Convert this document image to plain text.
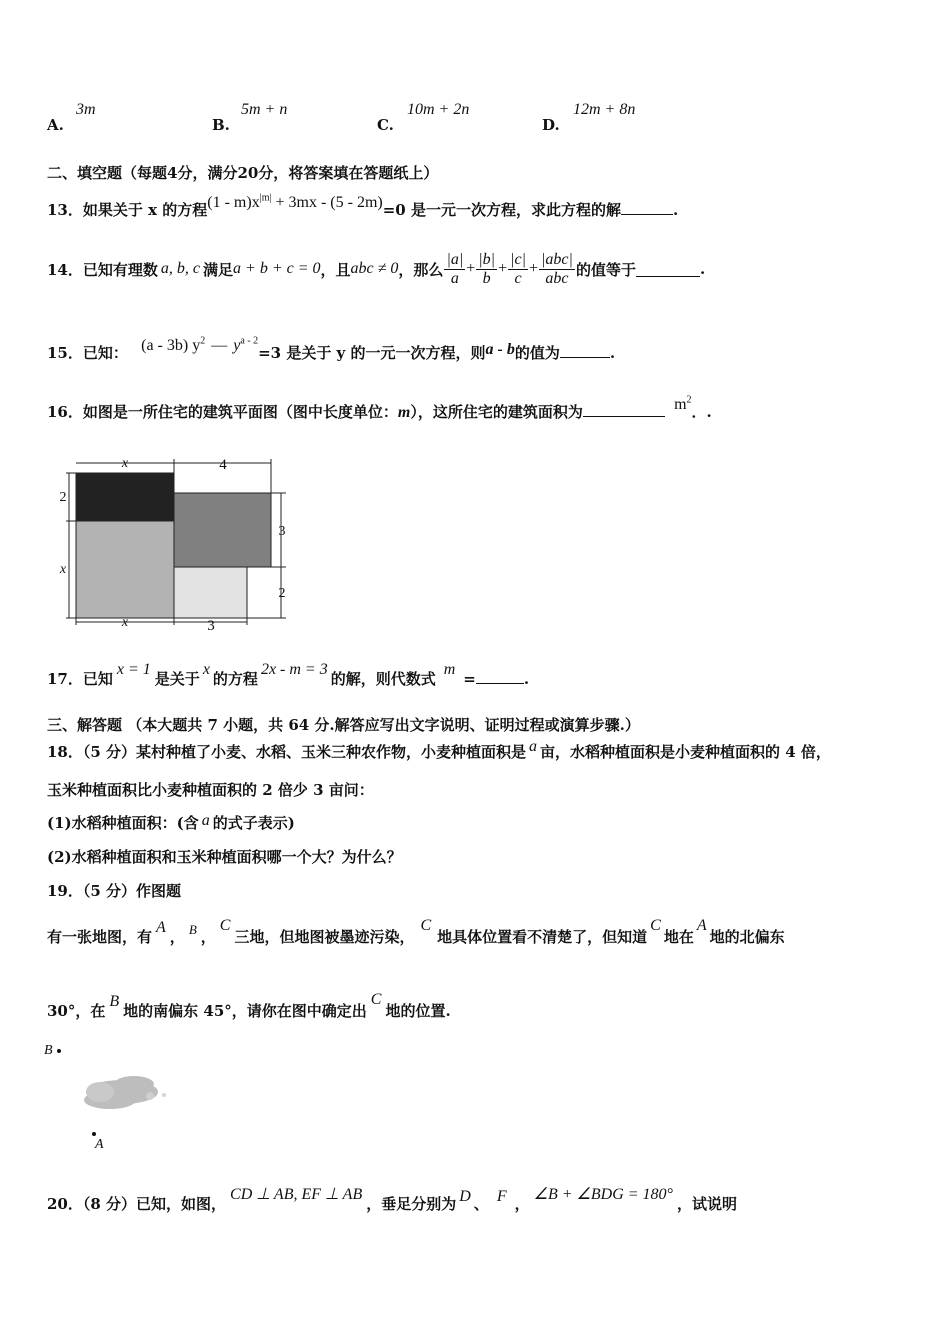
A.
3m
B.
5m + n
C.
10m + 2n
D.
12m + 8n
二、填空题（每题4分，满分20分，将答案填在答题纸上）
13．如果关于 x 的方程$(1 - m)x^{|m|} + 3mx - (5 - 2m)=0$ 是一元一次方程，求此方程的解	.
14． 已知有理数 a, b, c 满足 a + b + c = 0 ，且 abc ≠ 0 ，那么 $\frac{|a|}{a} + \frac{|b|}{b} + \frac{|c|}{c} + \frac{\text{|abc|}}{\text{abc}}$ 的值等于	.
15．已知： (a - 3b) $y^2$ — $y^{a - 2}=3$ 是关于 y 的一元一次方程，则a - b的值为	.
16．如图是一所住宅的建筑平面图（图中长度单位：m），这所住宅的建筑面积为	$m^2$．.
x	4
2
x
3
2
x	3
17．已知x = 1是关于x的方程2x - m = 3的解，则代数式m=	.
三、解答题 （本大题共 7 小题，共 64 分.解答应写出文字说明、证明过程或演算步骤.）
18．（5 分）某村种植了小麦、水稻、玉米三种农作物，小麦种植面积是 a 亩，水稻种植面积是小麦种植面积的 4 倍，
玉米种植面积比小麦种植面积的 2 倍少 3 亩问：
(1)水稻种植面积：(含 a 的式子表示)
(2)水稻种植面积和玉米种植面积哪一个大？为什么？
19．（5 分）作图题
有一张地图，有A， B ，C三地，但地图被墨迹污染，C地具体位置看不清楚了，但知道C地在A地的北偏东
30°，在B地的南偏东 45°，请你在图中确定出C地的位置.
B
A
20．（8 分）已知，如图，CD ⊥ AB, EF ⊥ AB，垂足分别为 D 、 F ，∠B + ∠BDG = 180°，试说明
